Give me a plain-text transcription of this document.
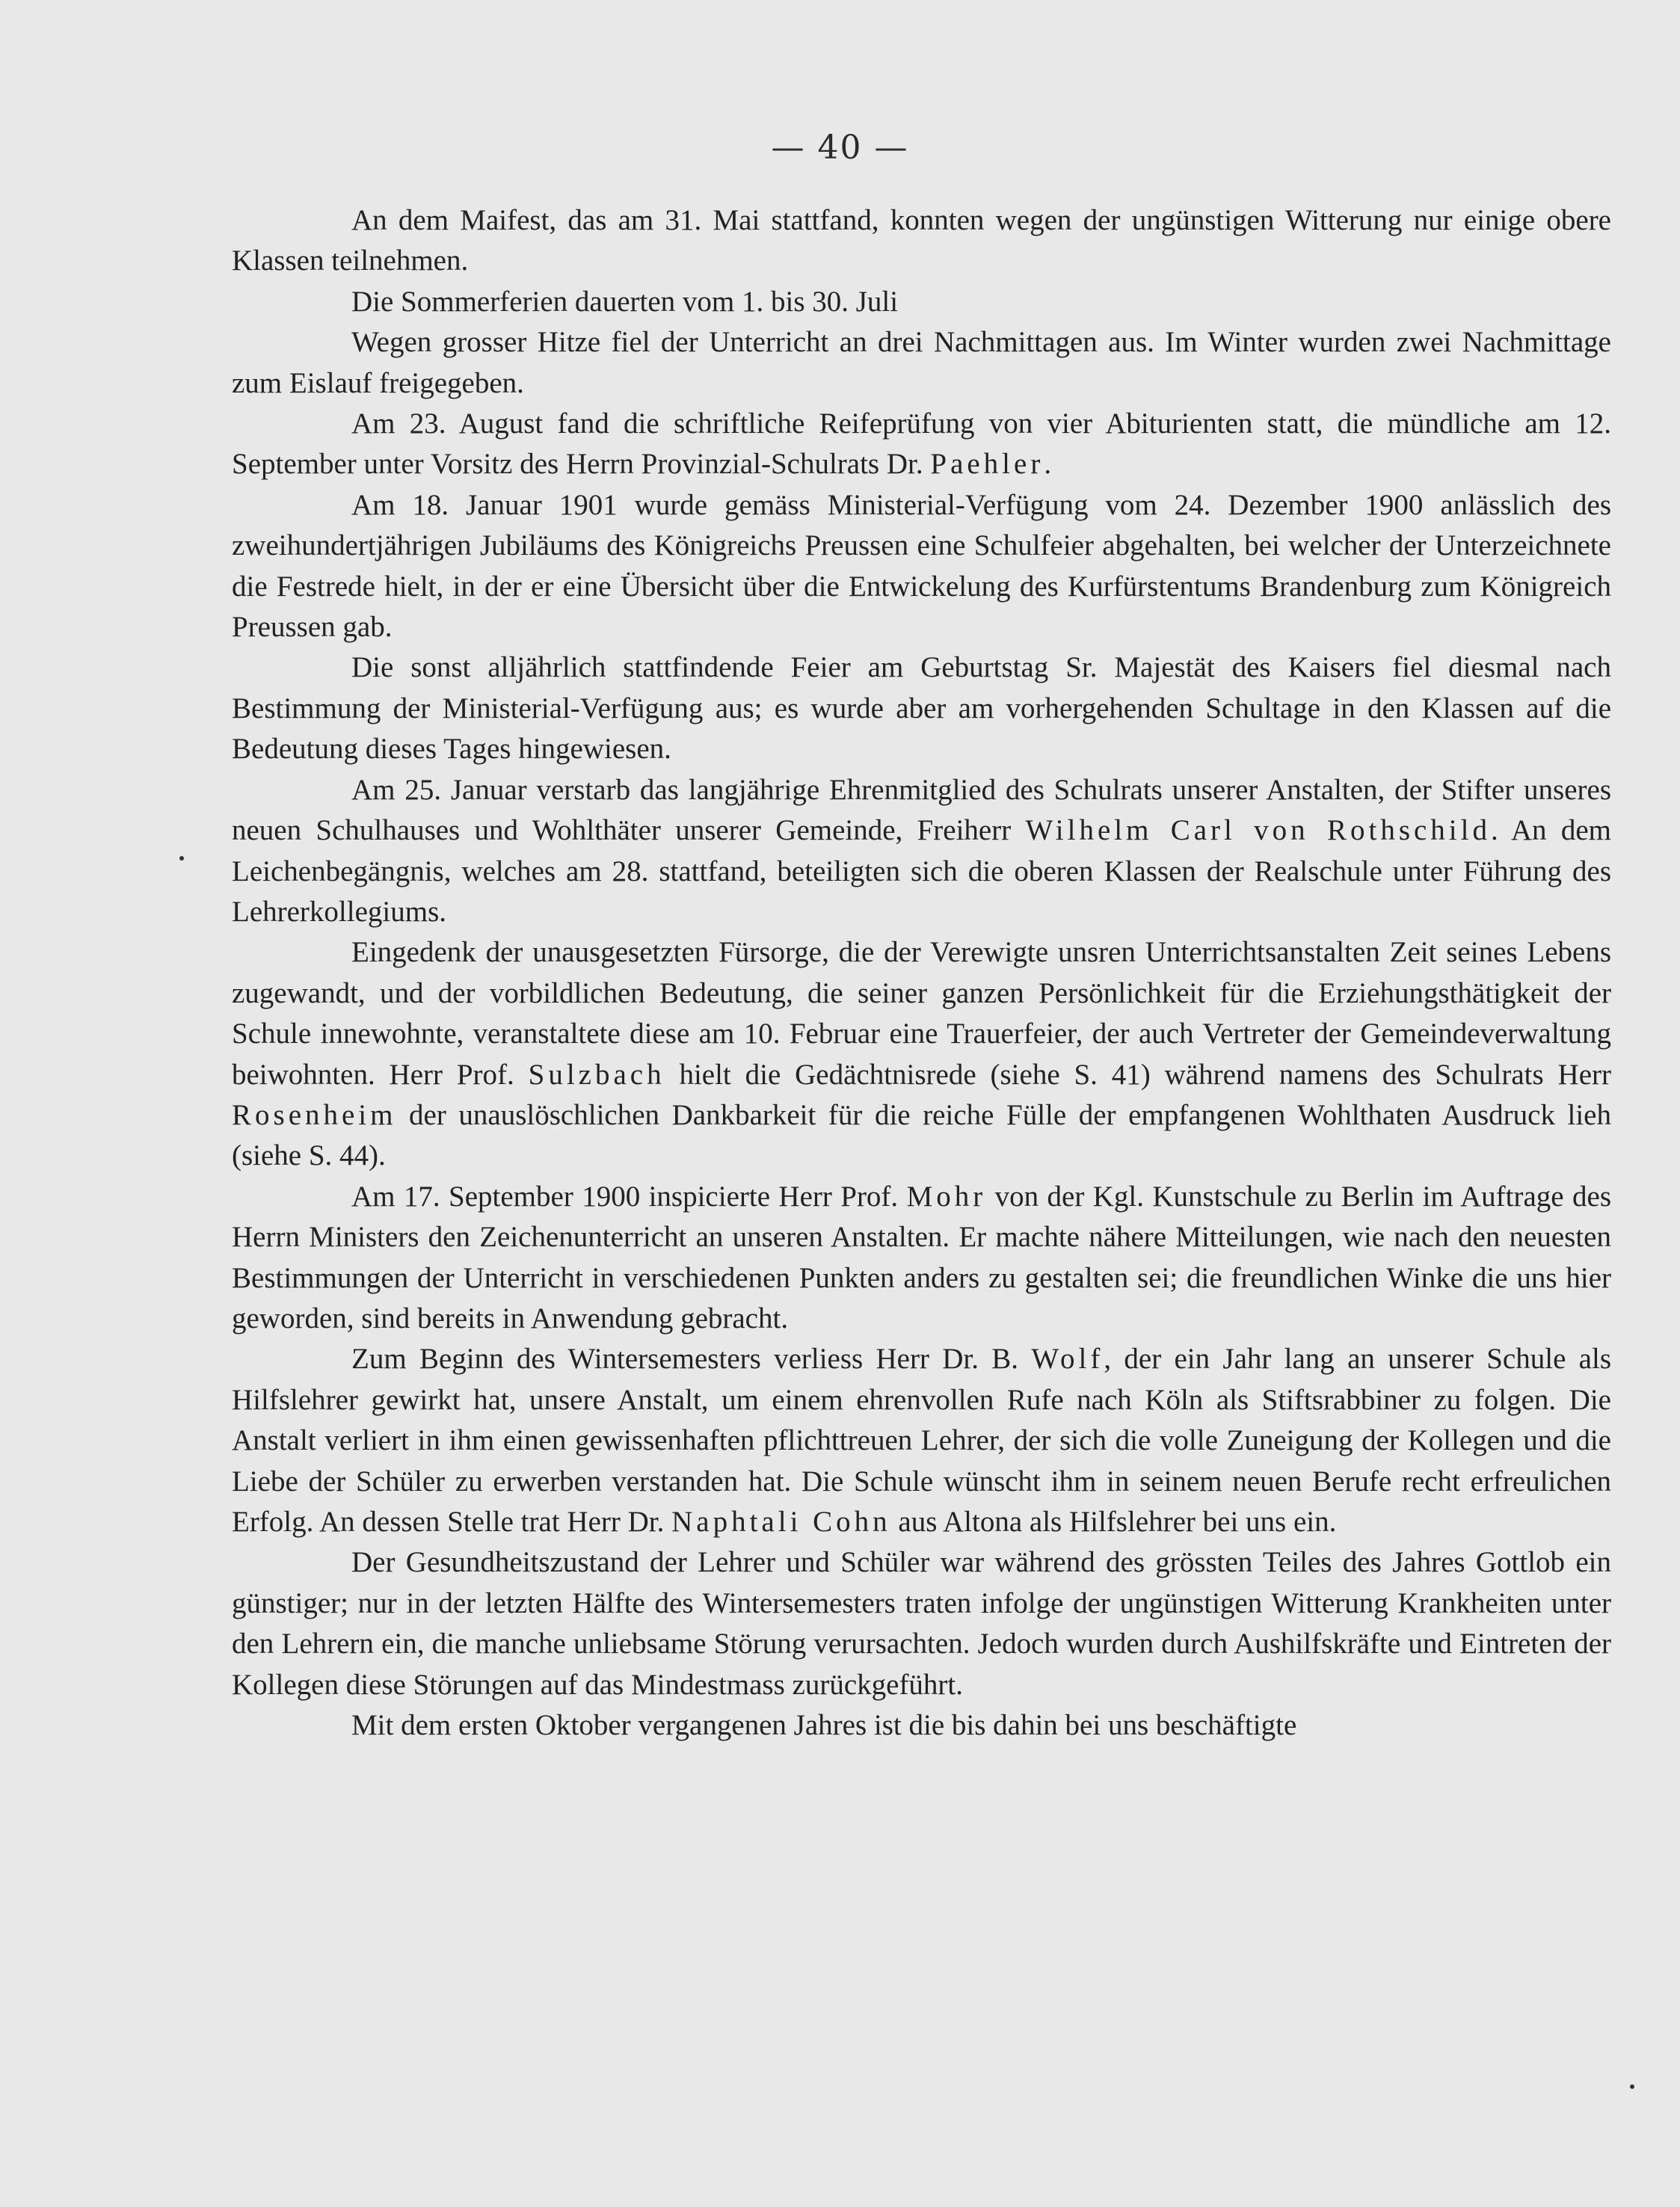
— 40 —

An dem Maifest, das am 31. Mai stattfand, konnten wegen der ungünstigen Witterung nur einige obere Klassen teilnehmen.

Die Sommerferien dauerten vom 1. bis 30. Juli

Wegen grosser Hitze fiel der Unterricht an drei Nachmittagen aus. Im Winter wurden zwei Nachmittage zum Eislauf freigegeben.

Am 23. August fand die schriftliche Reifeprüfung von vier Abiturienten statt, die mündliche am 12. September unter Vorsitz des Herrn Provinzial-Schulrats Dr. Paehler.

Am 18. Januar 1901 wurde gemäss Ministerial-Verfügung vom 24. Dezember 1900 anlässlich des zweihundertjährigen Jubiläums des Königreichs Preussen eine Schulfeier abgehalten, bei welcher der Unterzeichnete die Festrede hielt, in der er eine Übersicht über die Entwickelung des Kurfürstentums Brandenburg zum Königreich Preussen gab.

Die sonst alljährlich stattfindende Feier am Geburtstag Sr. Majestät des Kaisers fiel diesmal nach Bestimmung der Ministerial-Verfügung aus; es wurde aber am vorhergehenden Schultage in den Klassen auf die Bedeutung dieses Tages hingewiesen.

Am 25. Januar verstarb das langjährige Ehrenmitglied des Schulrats unserer Anstalten, der Stifter unseres neuen Schulhauses und Wohlthäter unserer Gemeinde, Freiherr Wilhelm Carl von Rothschild. An dem Leichenbegängnis, welches am 28. stattfand, beteiligten sich die oberen Klassen der Realschule unter Führung des Lehrerkollegiums.

Eingedenk der unausgesetzten Fürsorge, die der Verewigte unsren Unterrichtsanstalten Zeit seines Lebens zugewandt, und der vorbildlichen Bedeutung, die seiner ganzen Persönlichkeit für die Erziehungsthätigkeit der Schule innewohnte, veranstaltete diese am 10. Februar eine Trauerfeier, der auch Vertreter der Gemeindeverwaltung beiwohnten. Herr Prof. Sulzbach hielt die Gedächtnisrede (siehe S. 41) während namens des Schulrats Herr Rosenheim der unauslöschlichen Dankbarkeit für die reiche Fülle der empfangenen Wohlthaten Ausdruck lieh (siehe S. 44).

Am 17. September 1900 inspicierte Herr Prof. Mohr von der Kgl. Kunstschule zu Berlin im Auftrage des Herrn Ministers den Zeichenunterricht an unseren Anstalten. Er machte nähere Mitteilungen, wie nach den neuesten Bestimmungen der Unterricht in verschiedenen Punkten anders zu gestalten sei; die freundlichen Winke die uns hier geworden, sind bereits in Anwendung gebracht.

Zum Beginn des Wintersemesters verliess Herr Dr. B. Wolf, der ein Jahr lang an unserer Schule als Hilfslehrer gewirkt hat, unsere Anstalt, um einem ehrenvollen Rufe nach Köln als Stiftsrabbiner zu folgen. Die Anstalt verliert in ihm einen gewissenhaften pflichttreuen Lehrer, der sich die volle Zuneigung der Kollegen und die Liebe der Schüler zu erwerben verstanden hat. Die Schule wünscht ihm in seinem neuen Berufe recht erfreulichen Erfolg. An dessen Stelle trat Herr Dr. Naphtali Cohn aus Altona als Hilfslehrer bei uns ein.

Der Gesundheitszustand der Lehrer und Schüler war während des grössten Teiles des Jahres Gottlob ein günstiger; nur in der letzten Hälfte des Wintersemesters traten infolge der ungünstigen Witterung Krankheiten unter den Lehrern ein, die manche unliebsame Störung verursachten. Jedoch wurden durch Aushilfskräfte und Eintreten der Kollegen diese Störungen auf das Mindestmass zurückgeführt.

Mit dem ersten Oktober vergangenen Jahres ist die bis dahin bei uns beschäftigte
